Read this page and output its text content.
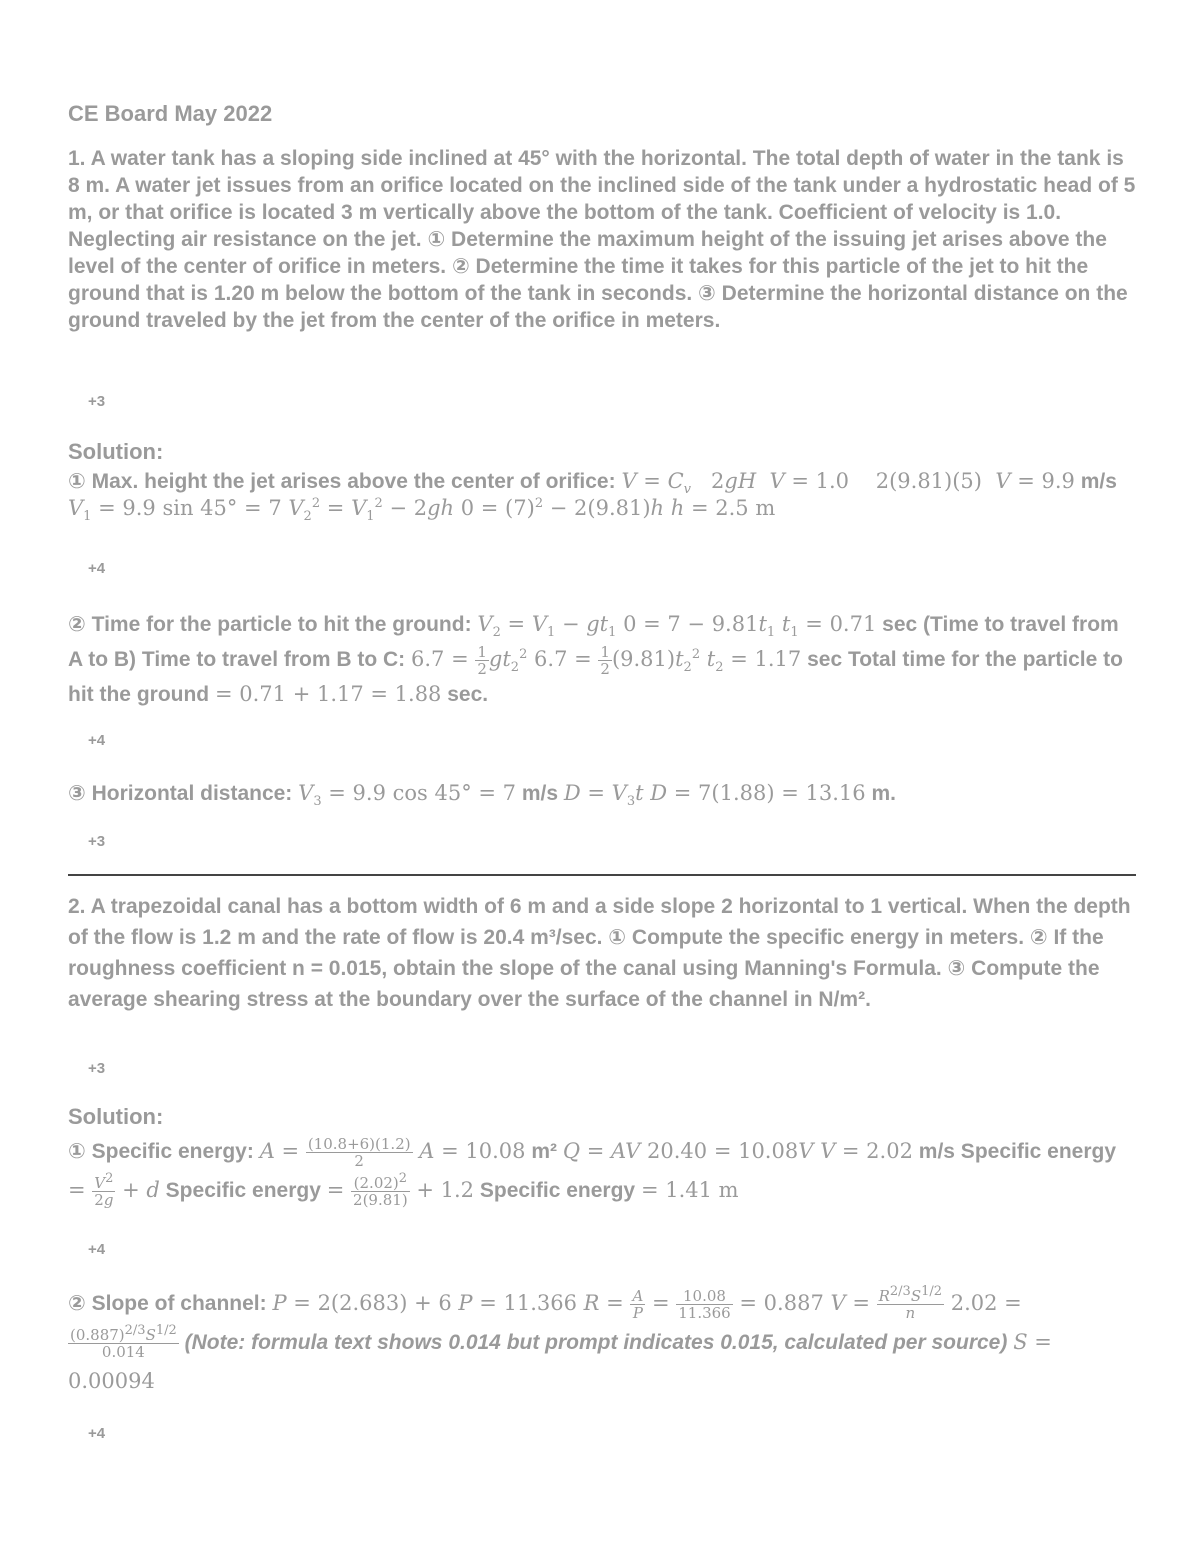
CE Board May 2022

1. A water tank has a sloping side inclined at 45° with the horizontal. The total depth of water in the tank is 8 m. A water jet issues from an orifice located on the inclined side of the tank under a hydrostatic head of 5 m, or that orifice is located 3 m vertically above the bottom of the tank. Coefficient of velocity is 1.0. Neglecting air resistance on the jet. ① Determine the maximum height of the issuing jet arises above the level of the center of orifice in meters. ② Determine the time it takes for this particle of the jet to hit the ground that is 1.20 m below the bottom of the tank in seconds. ③ Determine the horizontal distance on the ground traveled by the jet from the center of the orifice in meters.

+3
Solution:
① Max. height the jet arises above the center of orifice: $V = C_v$   2gH V = 1.0    2(9.81)(5)  V = 9.9 m/s $V_1 = 9.9$ sin 45° = 7 $V_2^2 = V_1^2 - 2gh$ $0 = (7)^2 - 2(9.81)h$ h = 2.5 m
+4
② Time for the particle to hit the ground: $V_2 = V_1 - gt_1$ $0 = 7 - 9.81t_1$ $t_1 = 0.71$ sec (Time to travel from A to B) Time to travel from B to C: $6.7 = \frac{1}{2} gt_2^2$ $6.7 = \frac{1}{2} (9.81)t_2^2$ $t_2 = 1.17$ sec Total time for the particle to hit the ground = 0.71 + 1.17 = 1.88 sec.
+4
③ Horizontal distance: $V_3 = 9.9$ cos 45° = 7 m/s $D = V_3t$ D = 7(1.88) = 13.16 m.
+3

2. A trapezoidal canal has a bottom width of 6 m and a side slope 2 horizontal to 1 vertical. When the depth of the flow is 1.2 m and the rate of flow is 20.4 m³/sec. ① Compute the specific energy in meters. ② If the roughness coefficient n = 0.015, obtain the slope of the canal using Manning's Formula. ③ Compute the average shearing stress at the boundary over the surface of the channel in N/m².

+3
Solution:
① Specific energy: $A = \frac{(10.8+6)(1.2)}{2}$ A = 10.08 m² Q = AV 20.40 = 10.08V V = 2.02 m/s Specific energy = $\frac{V^2}{2g} + d$ Specific energy = $\frac{(2.02)^2}{2(9.81)} + 1.2$ Specific energy = 1.41 m
+4
② Slope of channel: P = 2(2.683) + 6 P = 11.366 $R = \frac{A}{P} = \frac{10.08}{11.366} = 0.887$ $V = \frac{R^{2/3}S^{1/2}}{n} 2.02$ =
$\frac{(0.887)^{2/3}S^{1/2}}{0.014}$ (Note: formula text shows 0.014 but prompt indicates 0.015, calculated per source) S = 0.00094
+4
